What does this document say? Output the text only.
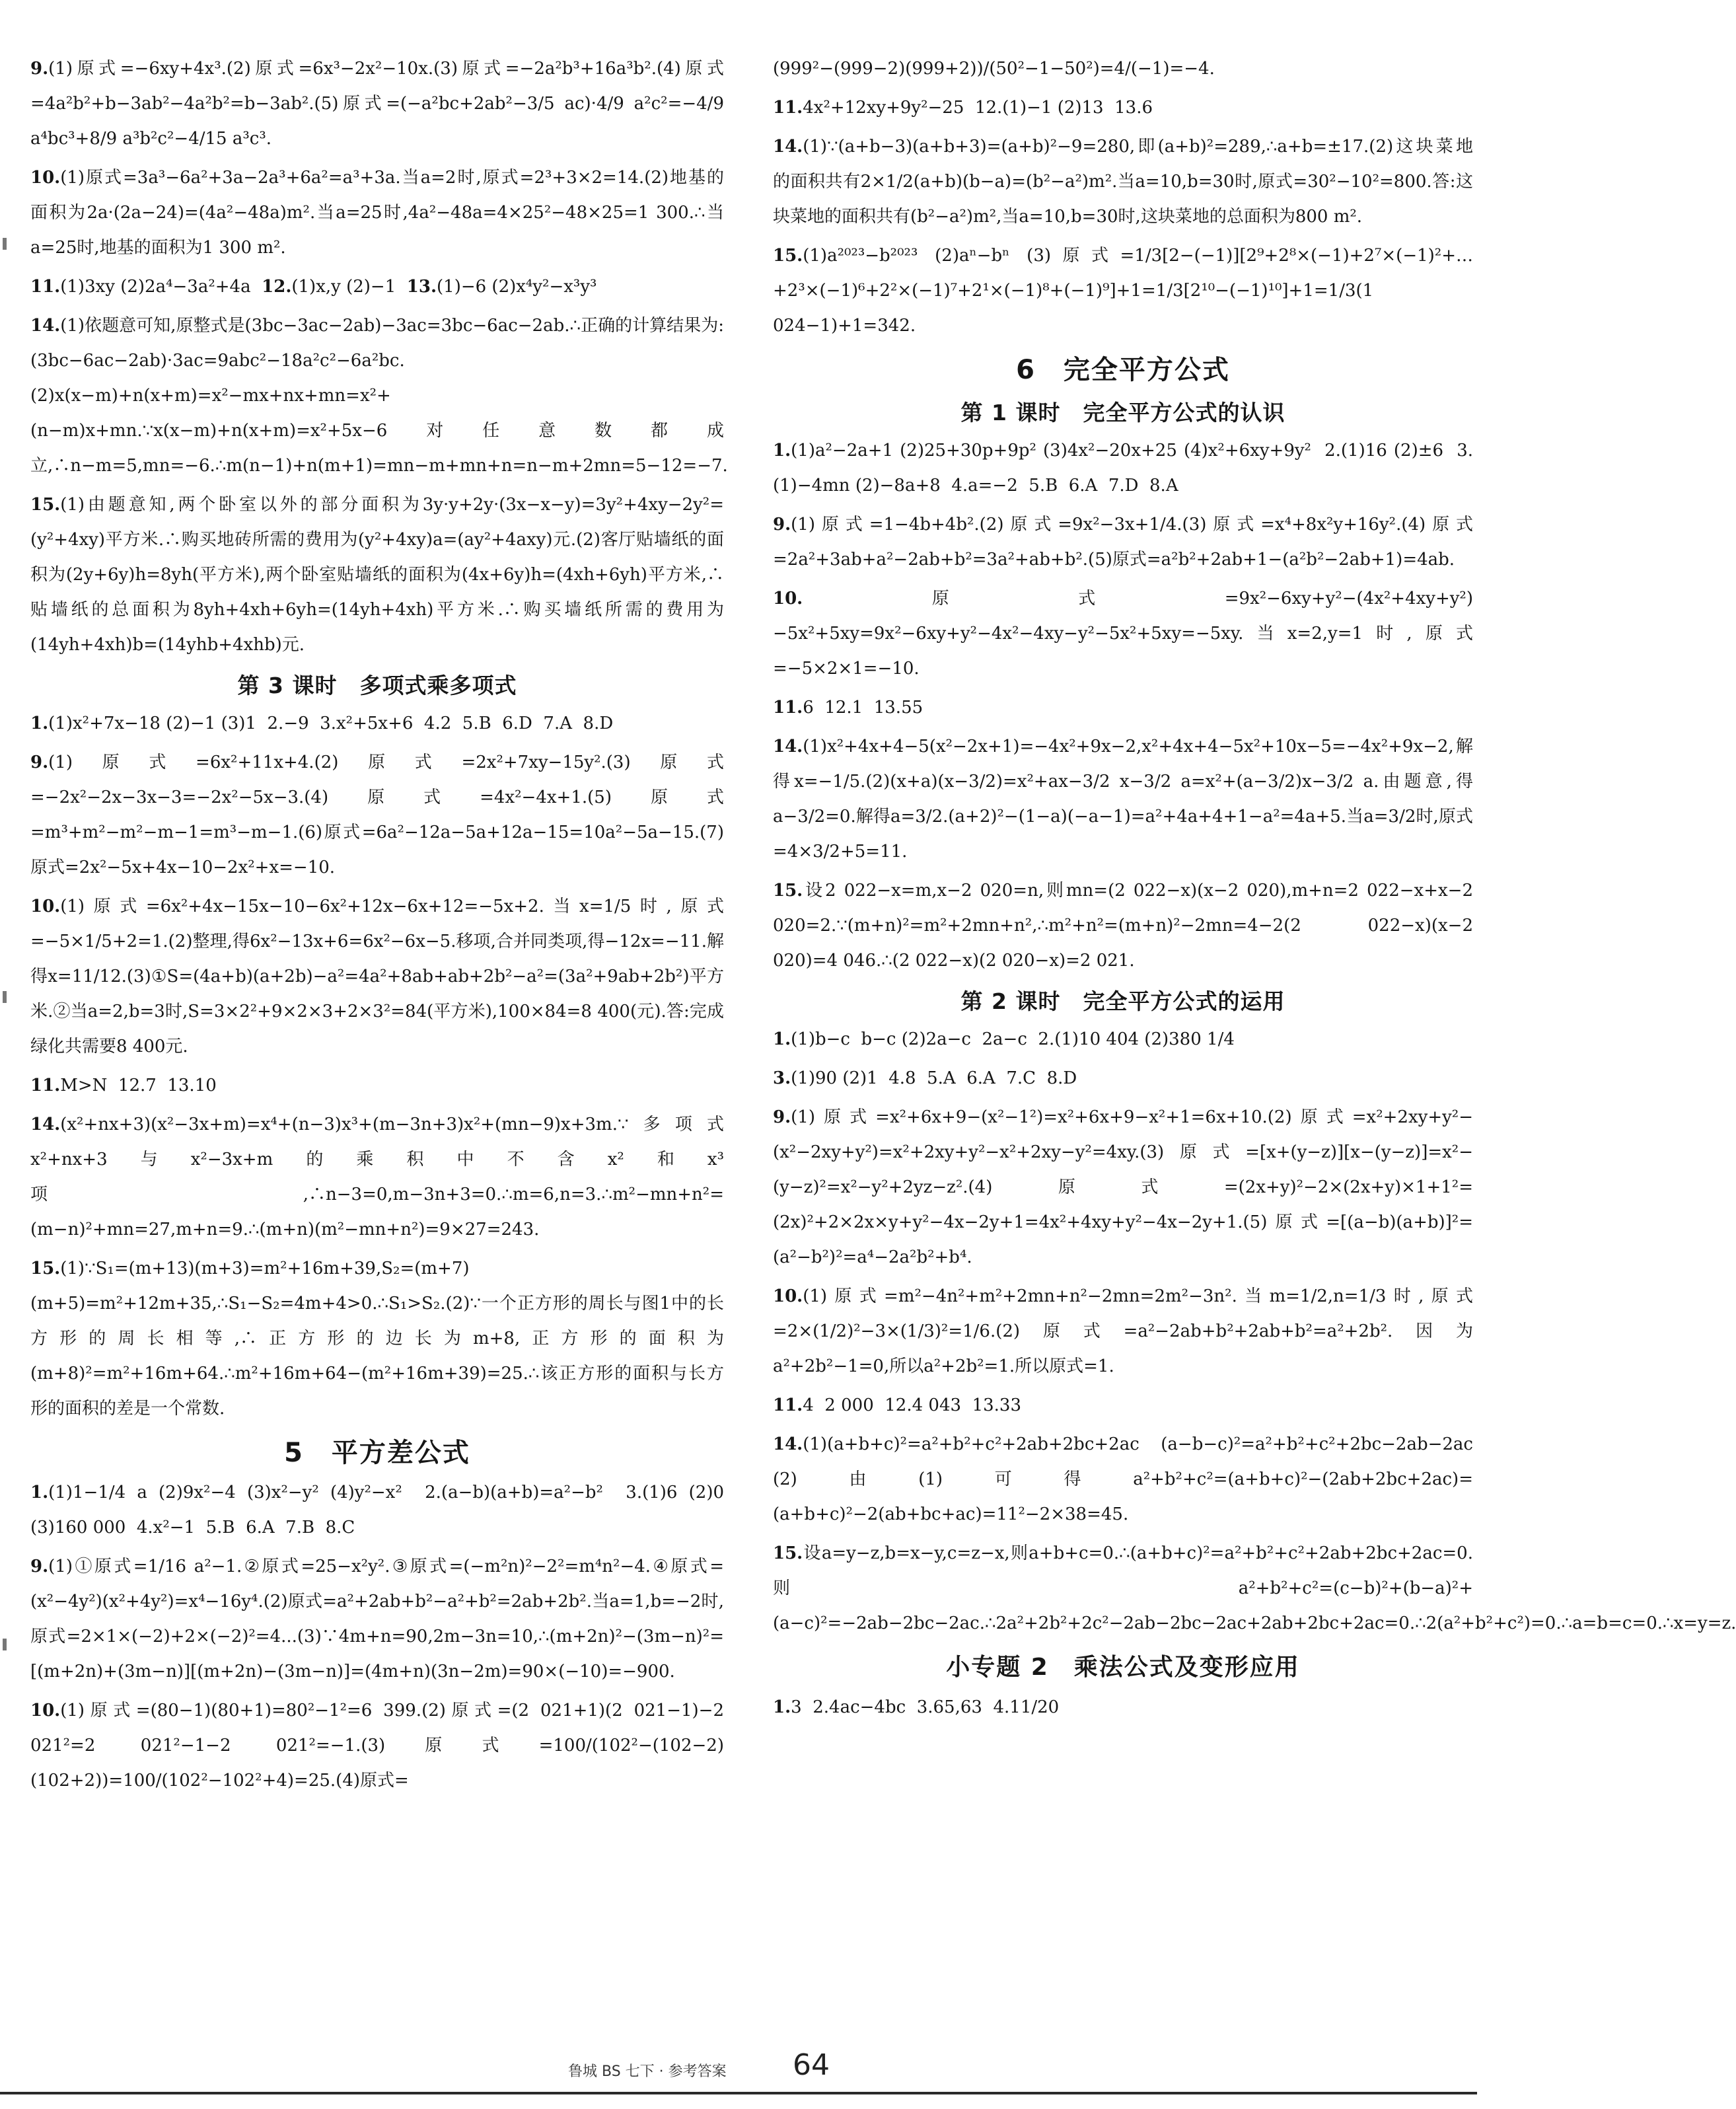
9.(1)原式=−6xy+4x³.(2)原式=6x³−2x²−10x.(3)原式=−2a²b³+16a³b².(4)原式=4a²b²+b−3ab²−4a²b²=b−3ab².(5)原式=(−a²bc+2ab²−3/5 ac)·4/9 a²c²=−4/9 a⁴bc³+8/9 a³b²c²−4/15 a³c³.
10.(1)原式=3a³−6a²+3a−2a³+6a²=a³+3a.当a=2时,原式=2³+3×2=14.(2)地基的面积为2a·(2a−24)=(4a²−48a)m².当a=25时,4a²−48a=4×25²−48×25=1 300.∴当a=25时,地基的面积为1 300 m².
11.(1)3xy (2)2a⁴−3a²+4a 12.(1)x,y (2)−1 13.(1)−6 (2)x⁴y²−x³y³
14.(1)依题意可知,原整式是(3bc−3ac−2ab)−3ac=3bc−6ac−2ab.∴正确的计算结果为:(3bc−6ac−2ab)·3ac=9abc²−18a²c²−6a²bc.(2)x(x−m)+n(x+m)=x²−mx+nx+mn=x²+(n−m)x+mn.∵x(x−m)+n(x+m)=x²+5x−6对任意数都成立,∴n−m=5,mn=−6.∴m(n−1)+n(m+1)=mn−m+mn+n=n−m+2mn=5−12=−7.
15.(1)由题意知,两个卧室以外的部分面积为3y·y+2y·(3x−x−y)=3y²+4xy−2y²=(y²+4xy)平方米.∴购买地砖所需的费用为(y²+4xy)a=(ay²+4axy)元.(2)客厅贴墙纸的面积为(2y+6y)h=8yh(平方米),两个卧室贴墙纸的面积为(4x+6y)h=(4xh+6yh)平方米,∴贴墙纸的总面积为8yh+4xh+6yh=(14yh+4xh)平方米.∴购买墙纸所需的费用为(14yh+4xh)b=(14yhb+4xhb)元.
第 3 课时　多项式乘多项式
1.(1)x²+7x−18 (2)−1 (3)1  2.−9  3.x²+5x+6  4.2  5.B  6.D  7.A  8.D
9.(1)原式=6x²+11x+4.(2)原式=2x²+7xy−15y².(3)原式=−2x²−2x−3x−3=−2x²−5x−3.(4)原式=4x²−4x+1.(5)原式=m³+m²−m²−m−1=m³−m−1.(6)原式=6a²−12a−5a+12a−15=10a²−5a−15.(7)原式=2x²−5x+4x−10−2x²+x=−10.
10.(1)原式=6x²+4x−15x−10−6x²+12x−6x+12=−5x+2.当x=1/5时,原式=−5×1/5+2=1.(2)整理,得6x²−13x+6=6x²−6x−5.移项,合并同类项,得−12x=−11.解得x=11/12.(3)①S=(4a+b)(a+2b)−a²=4a²+8ab+ab+2b²−a²=(3a²+9ab+2b²)平方米.②当a=2,b=3时,S=3×2²+9×2×3+2×3²=84(平方米),100×84=8 400(元).答:完成绿化共需要8 400元.
11.M>N  12.7  13.10
14.(x²+nx+3)(x²−3x+m)=x⁴+(n−3)x³+(m−3n+3)x²+(mn−9)x+3m.∵多项式x²+nx+3与x²−3x+m的乘积中不含x²和x³项,∴n−3=0,m−3n+3=0.∴m=6,n=3.∴m²−mn+n²=(m−n)²+mn=27,m+n=9.∴(m+n)(m²−mn+n²)=9×27=243.
15.(1)∵S₁=(m+13)(m+3)=m²+16m+39,S₂=(m+7)(m+5)=m²+12m+35,∴S₁−S₂=4m+4>0.∴S₁>S₂.(2)∵一个正方形的周长与图1中的长方形的周长相等,∴正方形的边长为m+8,正方形的面积为(m+8)²=m²+16m+64.∴m²+16m+64−(m²+16m+39)=25.∴该正方形的面积与长方形的面积的差是一个常数.
5　平方差公式
1.(1)1−1/4 a (2)9x²−4 (3)x²−y² (4)y²−x²  2.(a−b)(a+b)=a²−b²  3.(1)6 (2)0 (3)160 000  4.x²−1  5.B  6.A  7.B  8.C
9.(1)①原式=1/16 a²−1.②原式=25−x²y².③原式=(−m²n)²−2²=m⁴n²−4.④原式=(x²−4y²)(x²+4y²)=x⁴−16y⁴.(2)原式=a²+2ab+b²−a²+b²=2ab+2b².当a=1,b=−2时,原式=2×1×(−2)+2×(−2)²=4...(3)∵4m+n=90,2m−3n=10,∴(m+2n)²−(3m−n)²=[(m+2n)+(3m−n)][(m+2n)−(3m−n)]=(4m+n)(3n−2m)=90×(−10)=−900.
10.(1)原式=(80−1)(80+1)=80²−1²=6 399.(2)原式=(2 021+1)(2 021−1)−2 021²=2 021²−1−2 021²=−1.(3)原式=100/(102²−(102−2)(102+2))=100/(102²−102²+4)=25.(4)原式=
(999²−(999−2)(999+2))/(50²−1−50²)=4/(−1)=−4.
11.4x²+12xy+9y²−25  12.(1)−1 (2)13  13.6
14.(1)∵(a+b−3)(a+b+3)=(a+b)²−9=280,即(a+b)²=289,∴a+b=±17.(2)这块菜地的面积共有2×1/2(a+b)(b−a)=(b²−a²)m².当a=10,b=30时,原式=30²−10²=800.答:这块菜地的面积共有(b²−a²)m²,当a=10,b=30时,这块菜地的总面积为800 m².
15.(1)a²⁰²³−b²⁰²³ (2)aⁿ−bⁿ (3)原式=1/3[2−(−1)][2⁹+2⁸×(−1)+2⁷×(−1)²+…+2³×(−1)⁶+2²×(−1)⁷+2¹×(−1)⁸+(−1)⁹]+1=1/3[2¹⁰−(−1)¹⁰]+1=1/3(1 024−1)+1=342.
6　完全平方公式
第 1 课时　完全平方公式的认识
1.(1)a²−2a+1 (2)25+30p+9p² (3)4x²−20x+25 (4)x²+6xy+9y²  2.(1)16 (2)±6  3.(1)−4mn (2)−8a+8  4.a=−2  5.B  6.A  7.D  8.A
9.(1)原式=1−4b+4b².(2)原式=9x²−3x+1/4.(3)原式=x⁴+8x²y+16y².(4)原式=2a²+3ab+a²−2ab+b²=3a²+ab+b².(5)原式=a²b²+2ab+1−(a²b²−2ab+1)=4ab.
10.原式=9x²−6xy+y²−(4x²+4xy+y²)−5x²+5xy=9x²−6xy+y²−4x²−4xy−y²−5x²+5xy=−5xy.当x=2,y=1时,原式=−5×2×1=−10.
11.6  12.1  13.55
14.(1)x²+4x+4−5(x²−2x+1)=−4x²+9x−2,x²+4x+4−5x²+10x−5=−4x²+9x−2,解得x=−1/5.(2)(x+a)(x−3/2)=x²+ax−3/2 x−3/2 a=x²+(a−3/2)x−3/2 a.由题意,得a−3/2=0.解得a=3/2.(a+2)²−(1−a)(−a−1)=a²+4a+4+1−a²=4a+5.当a=3/2时,原式=4×3/2+5=11.
15.设2 022−x=m,x−2 020=n,则mn=(2 022−x)(x−2 020),m+n=2 022−x+x−2 020=2.∵(m+n)²=m²+2mn+n²,∴m²+n²=(m+n)²−2mn=4−2(2 022−x)(x−2 020)=4 046.∴(2 022−x)(2 020−x)=2 021.
第 2 课时　完全平方公式的运用
1.(1)b−c  b−c (2)2a−c  2a−c  2.(1)10 404 (2)380 1/4
3.(1)90 (2)1  4.8  5.A  6.A  7.C  8.D
9.(1)原式=x²+6x+9−(x²−1²)=x²+6x+9−x²+1=6x+10.(2)原式=x²+2xy+y²−(x²−2xy+y²)=x²+2xy+y²−x²+2xy−y²=4xy.(3)原式=[x+(y−z)][x−(y−z)]=x²−(y−z)²=x²−y²+2yz−z².(4)原式=(2x+y)²−2×(2x+y)×1+1²=(2x)²+2×2x×y+y²−4x−2y+1=4x²+4xy+y²−4x−2y+1.(5)原式=[(a−b)(a+b)]²=(a²−b²)²=a⁴−2a²b²+b⁴.
10.(1)原式=m²−4n²+m²+2mn+n²−2mn=2m²−3n².当m=1/2,n=1/3时,原式=2×(1/2)²−3×(1/3)²=1/6.(2)原式=a²−2ab+b²+2ab+b²=a²+2b².因为a²+2b²−1=0,所以a²+2b²=1.所以原式=1.
11.4  2 000  12.4 043  13.33
14.(1)(a+b+c)²=a²+b²+c²+2ab+2bc+2ac (a−b−c)²=a²+b²+c²+2bc−2ab−2ac (2)由(1)可得a²+b²+c²=(a+b+c)²−(2ab+2bc+2ac)=(a+b+c)²−2(ab+bc+ac)=11²−2×38=45.
15.设a=y−z,b=x−y,c=z−x,则a+b+c=0.∴(a+b+c)²=a²+b²+c²+2ab+2bc+2ac=0.则a²+b²+c²=(c−b)²+(b−a)²+(a−c)²=−2ab−2bc−2ac.∴2a²+2b²+2c²−2ab−2bc−2ac+2ab+2bc+2ac=0.∴2(a²+b²+c²)=0.∴a=b=c=0.∴x=y=z.
小专题 2　乘法公式及变形应用
1.3  2.4ac−4bc  3.65,63  4.11/20
鲁城 BS 七下 · 参考答案 64
